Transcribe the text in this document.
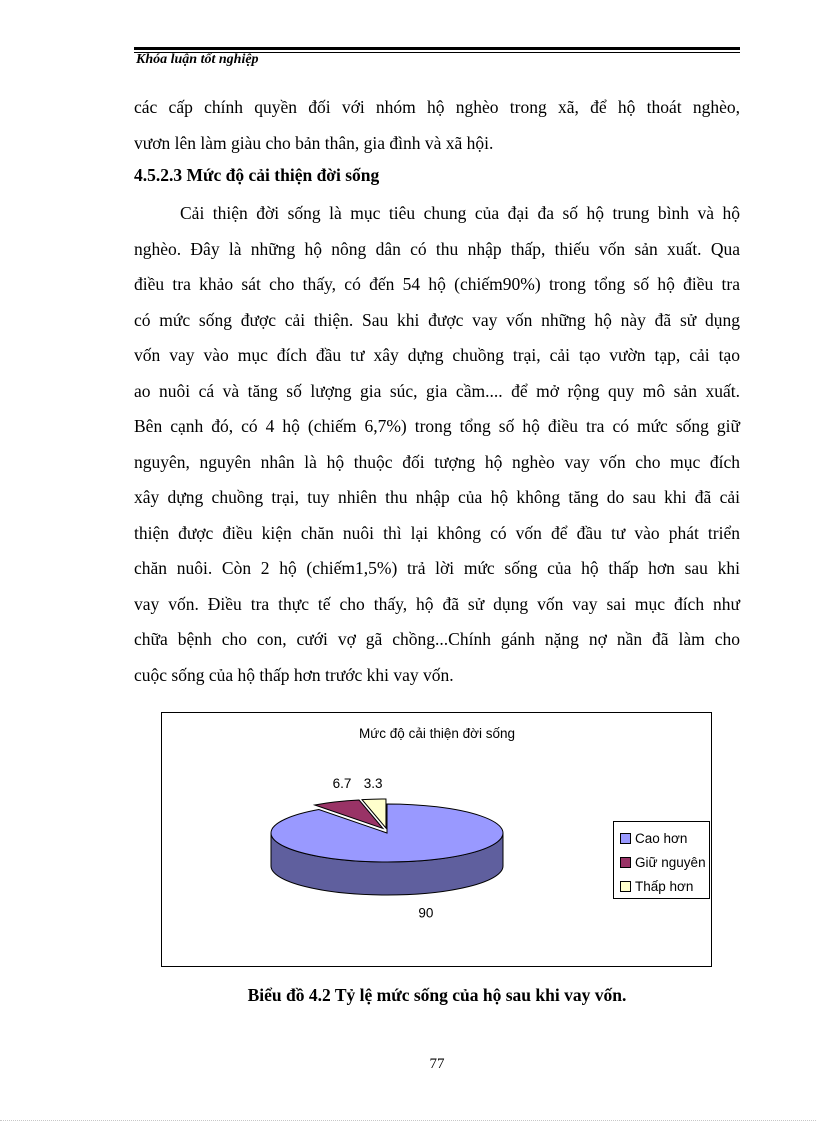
Khóa luận tốt nghiệp
các cấp chính quyền đối với nhóm hộ nghèo trong xã, để hộ thoát nghèo,
vươn lên làm giàu cho bản thân, gia đình và xã hội.
4.5.2.3 Mức độ cải thiện đời sống
Cải thiện đời sống là mục tiêu chung của đại đa số hộ trung bình và hộ
nghèo. Đây là những hộ nông dân có thu nhập thấp, thiếu vốn sản xuất. Qua
điều tra khảo sát cho thấy, có đến 54 hộ (chiếm90%) trong tổng số hộ điều tra
có mức sống được cải thiện. Sau khi được vay vốn những hộ này đã sử dụng
vốn vay vào mục đích đầu tư xây dựng chuồng trại, cải tạo vườn tạp, cải tạo
ao nuôi cá và tăng số lượng gia súc, gia cầm.... để mở rộng quy mô sản xuất.
Bên cạnh đó, có 4 hộ (chiếm 6,7%) trong tổng số hộ điều tra có mức sống giữ
nguyên, nguyên nhân là hộ thuộc đối tượng hộ nghèo vay vốn cho mục đích
xây dựng chuồng trại, tuy nhiên thu nhập của hộ không tăng do sau khi đã cải
thiện được điều kiện chăn nuôi thì lại không có vốn để đầu tư vào phát triển
chăn nuôi. Còn 2 hộ (chiếm1,5%) trả lời mức sống của hộ thấp hơn sau khi
vay vốn. Điều tra thực tế cho thấy, hộ đã sử dụng vốn vay sai mục đích như
chữa bệnh cho con, cưới vợ gã chồng...Chính gánh nặng nợ nần đã làm cho
cuộc sống của hộ thấp hơn trước khi vay vốn.
Mức độ cải thiện đời sống
90
6.7 3.3
Cao hơn
Giữ nguyên
Thấp hơn
Biểu đồ 4.2 Tỷ lệ mức sống của hộ sau khi vay vốn.
77
